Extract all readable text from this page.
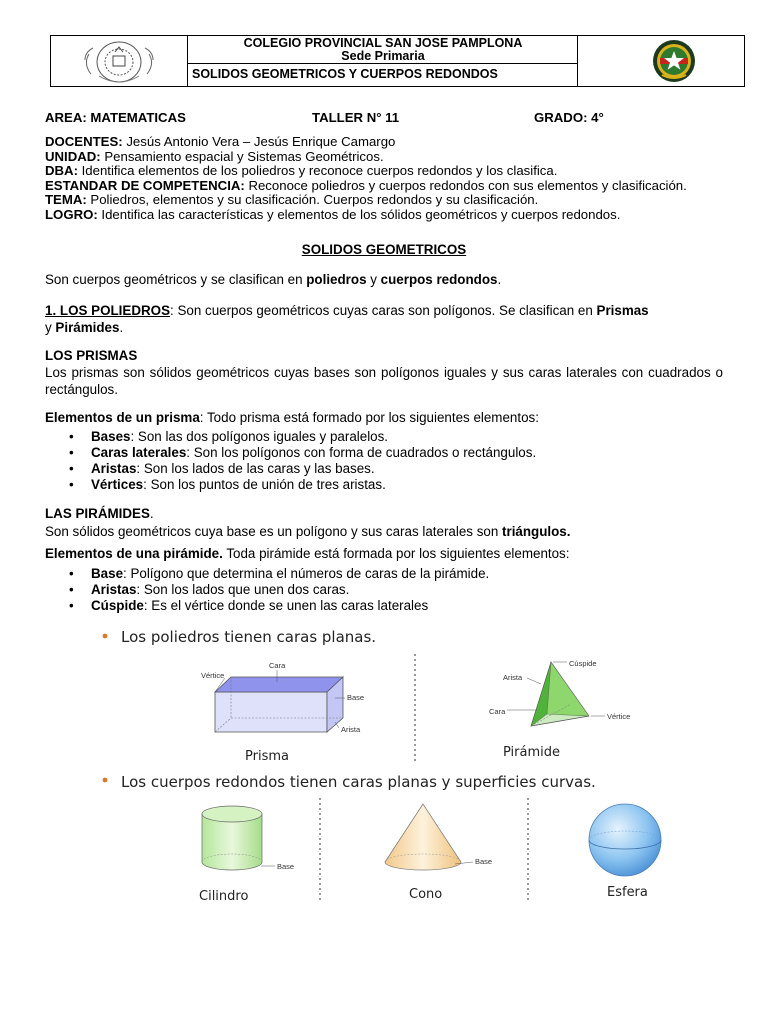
COLEGIO PROVINCIAL SAN JOSE PAMPLONA
Sede Primaria
SOLIDOS GEOMETRICOS Y CUERPOS REDONDOS
AREA: MATEMATICAS	TALLER N° 11	GRADO: 4°
DOCENTES: Jesús Antonio Vera – Jesús Enrique Camargo
UNIDAD: Pensamiento espacial y Sistemas Geométricos.
DBA: Identifica elementos de los poliedros y reconoce cuerpos redondos y los clasifica.
ESTANDAR DE COMPETENCIA: Reconoce poliedros y cuerpos redondos con sus elementos y clasificación.
TEMA: Poliedros, elementos y su clasificación. Cuerpos redondos y su clasificación.
LOGRO: Identifica las características y elementos de los sólidos geométricos y cuerpos redondos.
SOLIDOS GEOMETRICOS
Son cuerpos geométricos y se clasifican en poliedros y cuerpos redondos.
1. LOS POLIEDROS: Son cuerpos geométricos cuyas caras son polígonos. Se clasifican en Prismas
y Pirámides.
LOS PRISMAS
Los prismas son sólidos geométricos cuyas bases son polígonos iguales y sus caras laterales con cuadrados o rectángulos.
Elementos de un prisma: Todo prisma está formado por los siguientes elementos:
• Bases: Son las dos polígonos iguales y paralelos.
• Caras laterales: Son los polígonos con forma de cuadrados o rectángulos.
• Aristas: Son los lados de las caras y las bases.
• Vértices: Son los puntos de unión de tres aristas.
LAS PIRÁMIDES.
Son sólidos geométricos cuya base es un polígono y sus caras laterales son triángulos.
Elementos de una pirámide. Toda pirámide está formada por los siguientes elementos:
• Base: Polígono que determina el números de caras de la pirámide.
• Aristas: Son los lados que unen dos caras.
• Cúspide: Es el vértice donde se unen las caras laterales
Los poliedros tienen caras planas.
Cara
Vértice
Base
Arista
Prisma
Cúspide
Arista
Cara
Vértice
Pirámide
Los cuerpos redondos tienen caras planas y superficies curvas.
Base
Cilindro
Base
Cono	Esfera
